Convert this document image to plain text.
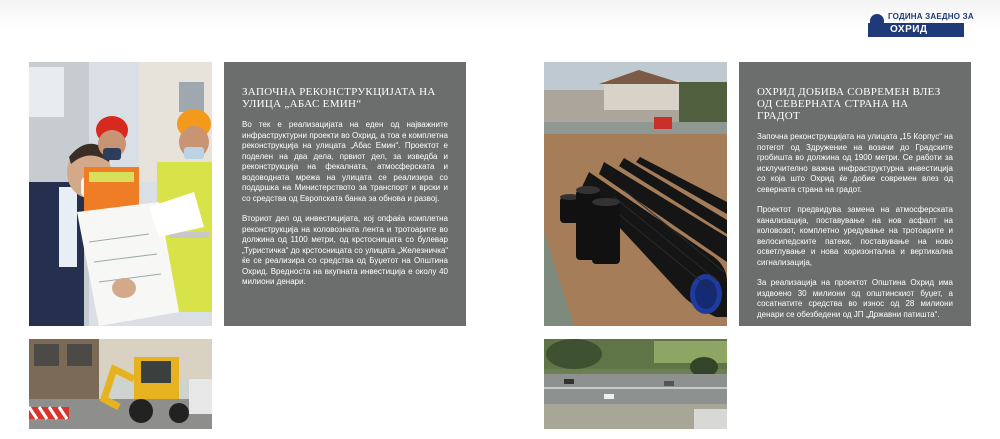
ГОДИНА ЗАЕДНО ЗА
ОХРИД
ЗАПОЧНА РЕКОНСТРУКЦИЈАТА НА УЛИЦА „АБАС ЕМИН“

Во тек е реализацијата на еден од најважните инфраструктурни проекти во Охрид, а тоа е комплетна реконструкција на улицата „Абас Емин“. Проектот е поделен на два дела, првиот дел, за изведба и реконструкција на фекалната, атмосферската и водоводната мрежа на улицата се реализира со поддршка на Министерството за транспорт и врски и со средства од Европската банка за обнова и развој.

Вториот дел од инвестицијата, кој опфаќа комплетна реконструкција на коловозната лента и тротоарите во должина од 1100 метри, од крстосницата со булевар „Туристичка“ до крстосницата со улицата „Железничка“ ќе се реализира со средства од Буџетот на Општина Охрид. Вредноста на вкупната инвестиција е околу 40 милиони денари.

ОХРИД ДОБИВА СОВРЕМЕН ВЛЕЗ ОД СЕВЕРНАТА СТРАНА НА ГРАДОТ

Започна реконструкцијата на улицата „15 Корпус“ на потегот од Здружение на возачи до Градските гробишта во должина од 1900 метри. Се работи за исклучително важна инфраструктурна инвестиција со која што Охрид ќе добие современ влез од северната страна на градот.

Проектот предвидува замена на атмосферската канализација, поставување на нов асфалт на коловозот, комплетно уредување на тротоарите и велосипедските патеки, поставување на ново осветлување и нова хоризонтална и вертикална сигнализација,

За реализација на проектот Општина Охрид има издвоено 30 милиони од општинскиот буџет, а сосатнатите средства во износ од 28 милиони денари се обезбедени од ЈП „Државни патишта“.
